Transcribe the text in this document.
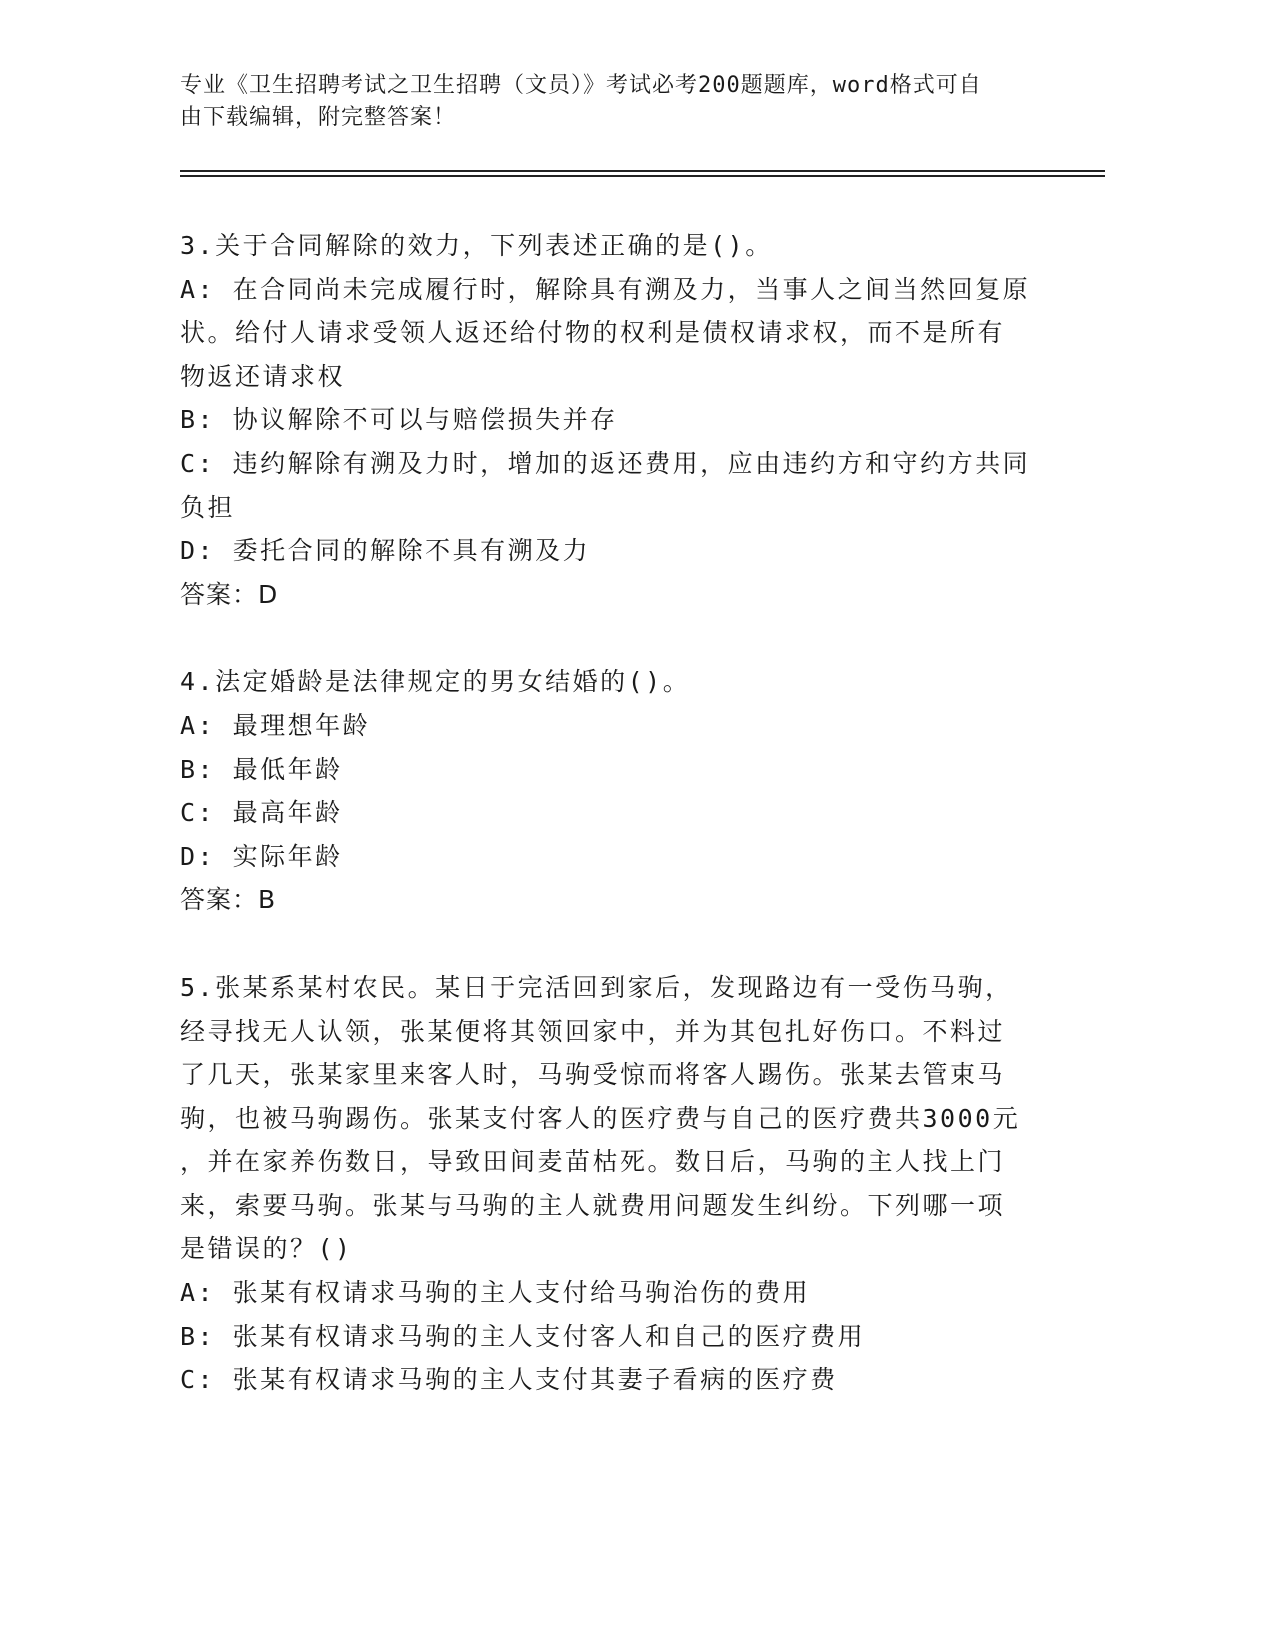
专业《卫生招聘考试之卫生招聘（文员）》考试必考200题题库，word格式可自
由下载编辑，附完整答案！
3.关于合同解除的效力，下列表述正确的是()。
A: 在合同尚未完成履行时，解除具有溯及力，当事人之间当然回复原
状。给付人请求受领人返还给付物的权利是债权请求权，而不是所有
物返还请求权
B: 协议解除不可以与赔偿损失并存
C: 违约解除有溯及力时，增加的返还费用，应由违约方和守约方共同
负担
D: 委托合同的解除不具有溯及力
答案：D
4.法定婚龄是法律规定的男女结婚的()。
A: 最理想年龄
B: 最低年龄
C: 最高年龄
D: 实际年龄
答案：B
5.张某系某村农民。某日于完活回到家后，发现路边有一受伤马驹，
经寻找无人认领，张某便将其领回家中，并为其包扎好伤口。不料过
了几天，张某家里来客人时，马驹受惊而将客人踢伤。张某去管束马
驹，也被马驹踢伤。张某支付客人的医疗费与自己的医疗费共3000元
，并在家养伤数日，导致田间麦苗枯死。数日后，马驹的主人找上门
来，索要马驹。张某与马驹的主人就费用问题发生纠纷。下列哪一项
是错误的？()
A: 张某有权请求马驹的主人支付给马驹治伤的费用
B: 张某有权请求马驹的主人支付客人和自己的医疗费用
C: 张某有权请求马驹的主人支付其妻子看病的医疗费
